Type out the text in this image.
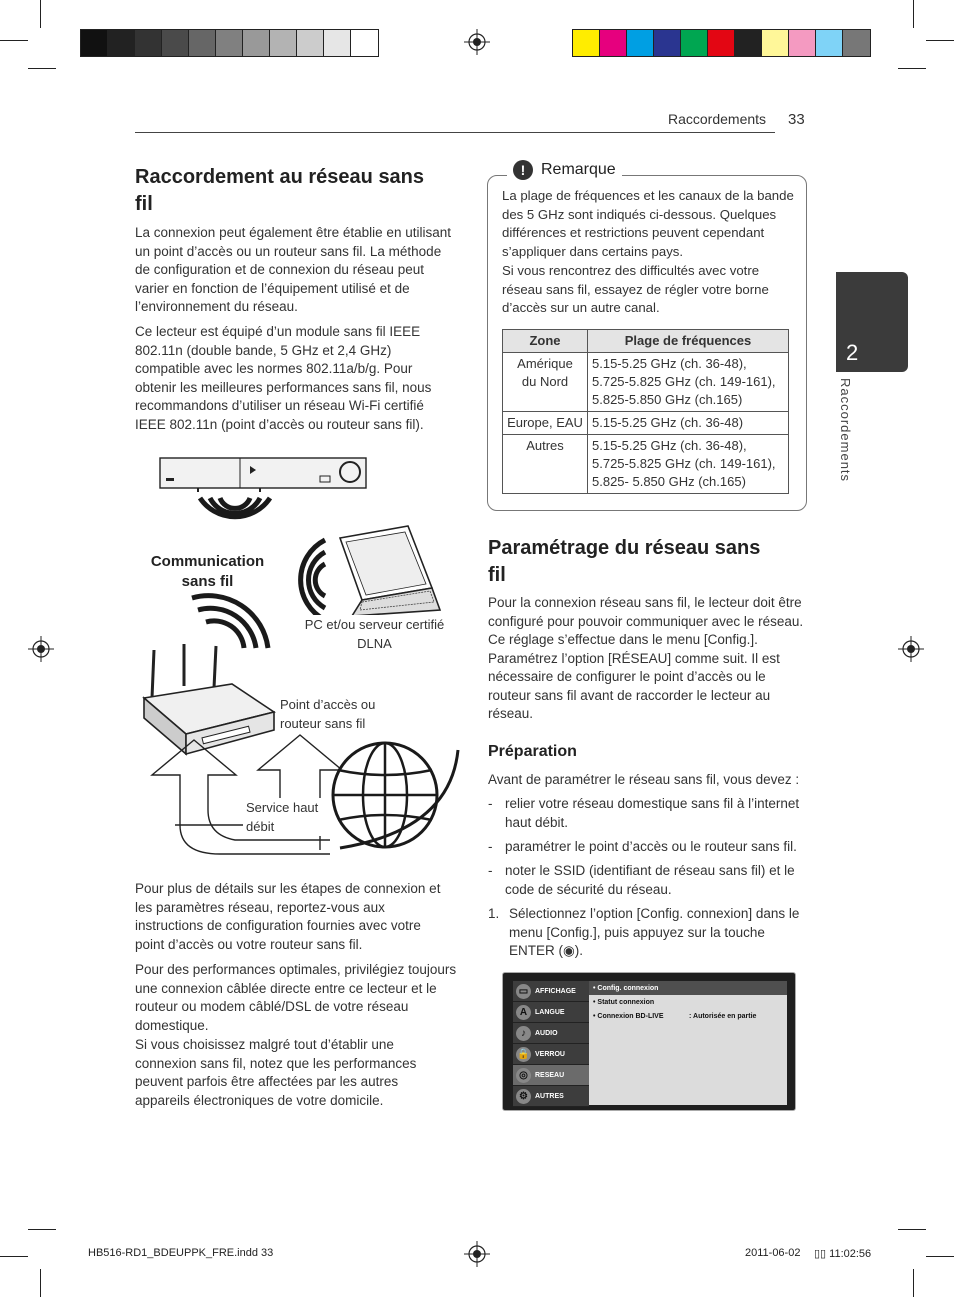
Raccordements 33
2
Raccordements
Raccordement au réseau sans
fil
La connexion peut également être établie en utilisant un point d’accès ou un routeur sans fil. La méthode de configuration et de connexion du réseau peut varier en fonction de l’équipement utilisé et de l’environnement du réseau.
Ce lecteur est équipé d’un module sans fil IEEE 802.11n (double bande, 5 GHz et 2,4 GHz) compatible avec les normes 802.11a/b/g. Pour obtenir les meilleures performances sans fil, nous recommandons d’utiliser un réseau Wi-Fi certifié IEEE 802.11n (point d’accès ou routeur sans fil).
Communication
sans fil
PC et/ou serveur certifié
DLNA
Point d’accès ou
routeur sans fil
Service haut
débit
Pour plus de détails sur les étapes de connexion et les paramètres réseau, reportez-vous aux instructions de configuration fournies avec votre point d’accès ou votre routeur sans fil.
Pour des performances optimales, privilégiez toujours une connexion câblée directe entre ce lecteur et le routeur ou modem câblé/DSL de votre réseau domestique.
Si vous choisissez malgré tout d’établir une connexion sans fil, notez que les performances peuvent parfois être affectées par les autres appareils électroniques de votre domicile.
! Remarque
La plage de fréquences et les canaux de la bande des 5 GHz sont indiqués ci-dessous. Quelques différences et restrictions peuvent cependant s’appliquer dans certains pays.
Si vous rencontrez des difficultés avec votre réseau sans fil, essayez de régler votre borne d’accès sur un autre canal.
Zone	Plage de fréquences
Amérique
du Nord	5.15-5.25 GHz (ch. 36-48),
5.725-5.825 GHz (ch. 149-161),
5.825-5.850 GHz (ch.165)
Europe, EAU	5.15-5.25 GHz (ch. 36-48)
Autres	5.15-5.25 GHz (ch. 36-48),
5.725-5.825 GHz (ch. 149-161),
5.825- 5.850 GHz (ch.165)
Paramétrage du réseau sans
fil
Pour la connexion réseau sans fil, le lecteur doit être configuré pour pouvoir communiquer avec le réseau. Ce réglage s’effectue dans le menu [Config.]. Paramétrez l’option [RÉSEAU] comme suit. Il est nécessaire de configurer le point d’accès ou le routeur sans fil avant de raccorder le lecteur au réseau.
Préparation
Avant de paramétrer le réseau sans fil, vous devez :
- relier votre réseau domestique sans fil à l’internet haut débit.
- paramétrer le point d’accès ou le routeur sans fil.
- noter le SSID (identifiant de réseau sans fil) et le code de sécurité du réseau.
1. Sélectionnez l’option [Config. connexion] dans le menu [Config.], puis appuyez sur la touche ENTER (◉).
▭ AFFICHAGE
A	LANGUE
♪	AUDIO
🔒 VERROU
◎	RESEAU
⚙	AUTRES
• Config. connexion
• Statut connexion
• Connexion BD-LIVE	: Autorisée en partie
HB516-RD1_BDEUPPK_FRE.indd 33	2011-06-02 ▯▯ 11:02:56
